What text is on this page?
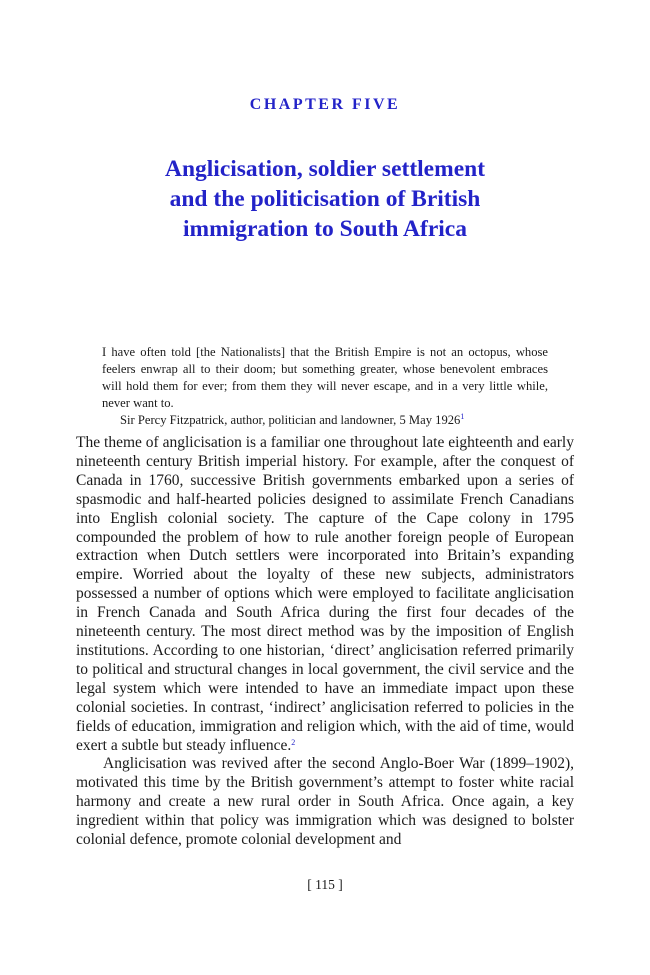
CHAPTER FIVE
Anglicisation, soldier settlement
and the politicisation of British
immigration to South Africa

I have often told [the Nationalists] that the British Empire is not an octopus, whose feelers enwrap all to their doom; but something greater, whose benevolent embraces will hold them for ever; from them they will never escape, and in a very little while, never want to.

Sir Percy Fitzpatrick, author, politician and landowner, 5 May 1926$^1$

The theme of anglicisation is a familiar one throughout late eighteenth and early nineteenth century British imperial history. For example, after the conquest of Canada in 1760, successive British governments embarked upon a series of spasmodic and half-hearted policies designed to assimilate French Canadians into English colonial society. The capture of the Cape colony in 1795 compounded the problem of how to rule another foreign people of European extraction when Dutch settlers were incorporated into Britain’s expanding empire. Worried about the loyalty of these new subjects, administrators possessed a number of options which were employed to facilitate anglicisation in French Canada and South Africa during the first four decades of the nineteenth century. The most direct method was by the imposition of English institutions. According to one historian, ‘direct’ anglicisation referred primarily to political and structural changes in local government, the civil service and the legal system which were intended to have an immediate impact upon these colonial societies. In contrast, ‘indirect’ anglicisation referred to policies in the fields of education, immigration and religion which, with the aid of time, would exert a subtle but steady influence.$^2$

Anglicisation was revived after the second Anglo-Boer War (1899–1902), motivated this time by the British government’s attempt to foster white racial harmony and create a new rural order in South Africa. Once again, a key ingredient within that policy was immigration which was designed to bolster colonial defence, promote colonial development and

[ 115 ]
